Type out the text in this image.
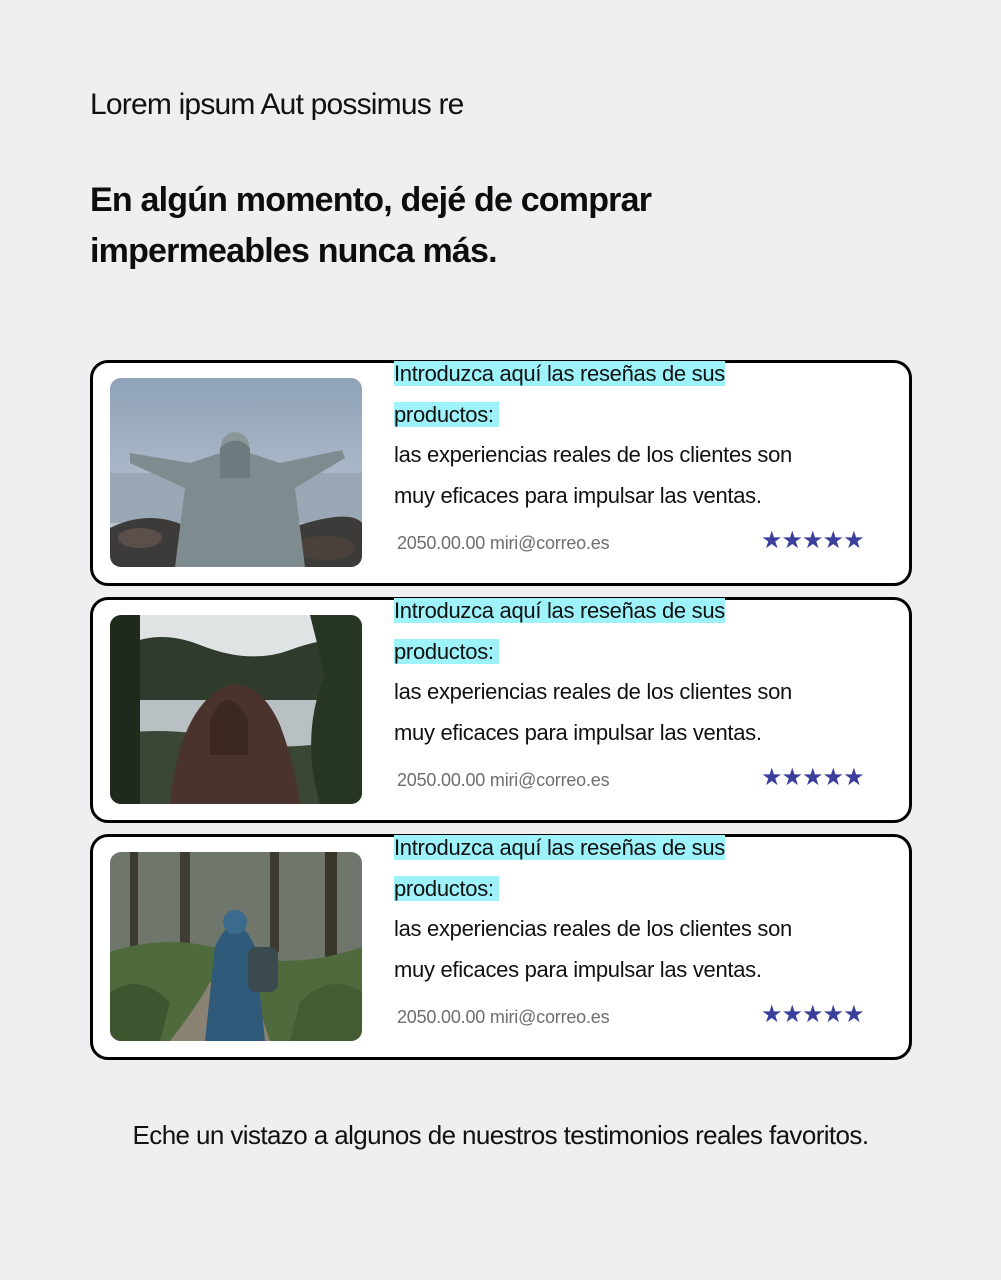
Lorem ipsum Aut possimus re
En algún momento, dejé de comprar impermeables nunca más.
Introduzca aquí las reseñas de sus productos:
las experiencias reales de los clientes son muy eficaces para impulsar las ventas.
2050.00.00 miri@correo.es	★★★★★
Introduzca aquí las reseñas de sus productos:
las experiencias reales de los clientes son muy eficaces para impulsar las ventas.
2050.00.00 miri@correo.es	★★★★★
Introduzca aquí las reseñas de sus productos:
las experiencias reales de los clientes son muy eficaces para impulsar las ventas.
2050.00.00 miri@correo.es	★★★★★
Eche un vistazo a algunos de nuestros testimonios reales favoritos.
